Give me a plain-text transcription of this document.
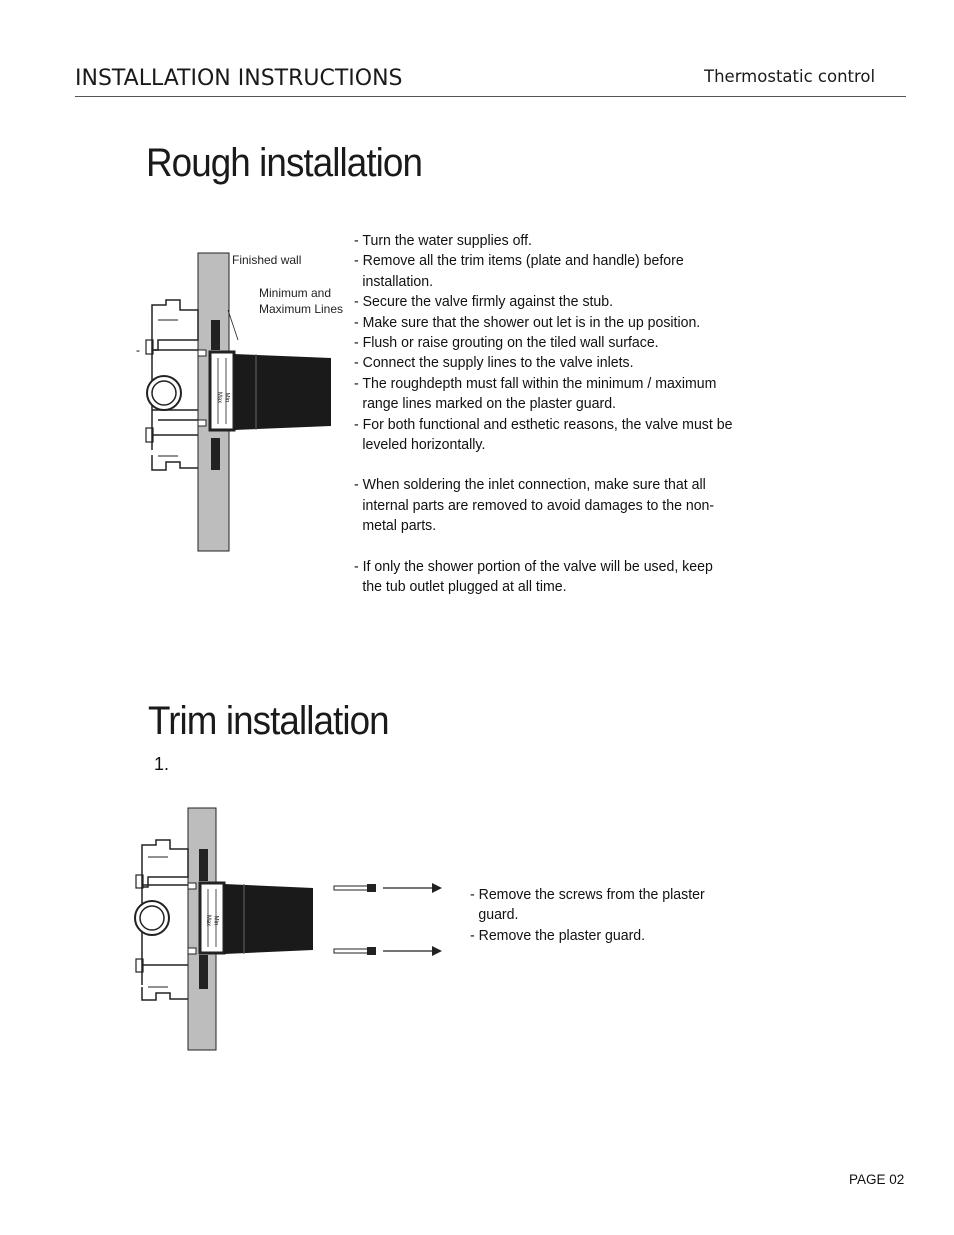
INSTALLATION INSTRUCTIONS	Thermostatic control
Rough installation
-
Max Min
Finished wall
Minimum and
Maximum Lines
- Turn the water supplies off.
- Remove all the trim items (plate and handle) before installation.
- Secure the valve firmly against the stub.
- Make sure that the shower out let is in the up position.
- Flush or raise grouting on the tiled wall surface.
- Connect the supply lines to the valve inlets.
- The roughdepth must fall within the minimum / maximum range lines marked on the plaster guard.
- For both functional and esthetic reasons, the valve must be leveled horizontally.
- When soldering the inlet connection, make sure that all internal parts are removed to avoid damages to the non-metal parts.
- If only the shower portion of the valve will be used, keep the tub outlet plugged at all time.
Trim installation
1.
Max Min
- Remove the screws from the plaster guard.
- Remove the plaster guard.
PAGE 02
